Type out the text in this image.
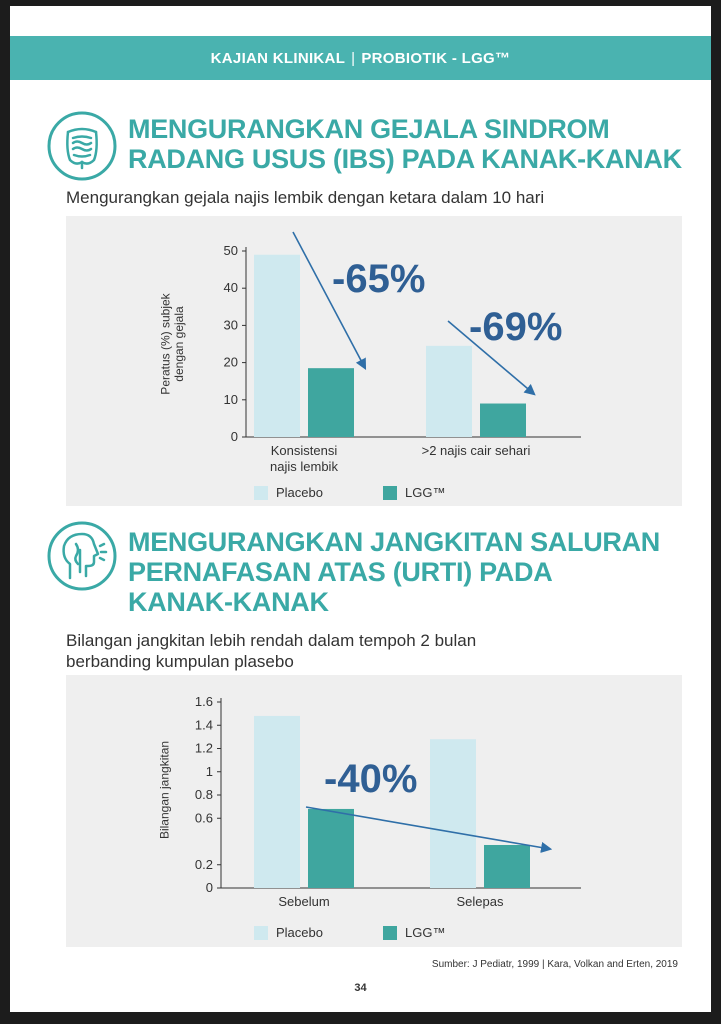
KAJIAN KLINIKAL | PROBIOTIK - LGG™
MENGURANGKAN GEJALA SINDROM
RADANG USUS (IBS) PADA KANAK-KANAK
Mengurangkan gejala najis lembik dengan ketara dalam 10 hari
0
10
20
30
40
50
Peratus (%) subjekdengan gejala
Konsistensi
najis lembik
>2 najis cair sehari
-65%
-69%
Placebo	LGG™
MENGURANGKAN JANGKITAN SALURAN
PERNAFASAN ATAS (URTI) PADA
KANAK-KANAK
Bilangan jangkitan lebih rendah dalam tempoh 2 bulan
berbanding kumpulan plasebo
0
0.2
0.6
0.8
1
1.2
1.4
1.6
Bilangan jangkitan
Sebelum	Selepas
-40%
Placebo	LGG™
Sumber: J Pediatr, 1999 | Kara, Volkan and Erten, 2019
34
